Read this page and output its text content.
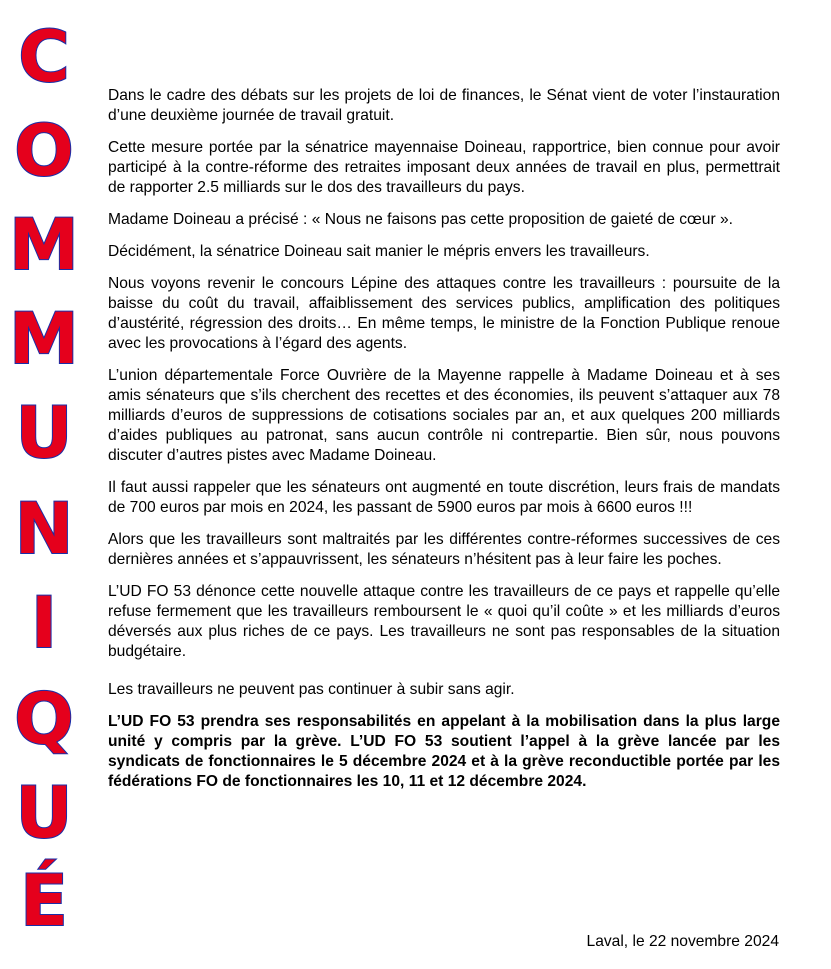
C
O
M
M
U
N
I
Q
U
É

Dans le cadre des débats sur les projets de loi de finances, le Sénat vient de voter l’instauration d’une deuxième journée de travail gratuit.

Cette mesure portée par la sénatrice mayennaise Doineau, rapportrice, bien connue pour avoir participé à la contre-réforme des retraites imposant deux années de travail en plus, permettrait de rapporter 2.5 milliards sur le dos des travailleurs du pays.

Madame Doineau a précisé : « Nous ne faisons pas cette proposition de gaieté de cœur ».

Décidément, la sénatrice Doineau sait manier le mépris envers les travailleurs.

Nous voyons revenir le concours Lépine des attaques contre les travailleurs : poursuite de la baisse du coût du travail, affaiblissement des services publics, amplification des politiques d’austérité, régression des droits… En même temps, le ministre de la Fonction Publique renoue avec les provocations à l’égard des agents.

L’union départementale Force Ouvrière de la Mayenne rappelle à Madame Doineau et à ses amis sénateurs que s’ils cherchent des recettes et des économies, ils peuvent s’attaquer aux 78 milliards d’euros de suppressions de cotisations sociales par an, et aux quelques 200 milliards d’aides publiques au patronat, sans aucun contrôle ni contrepartie. Bien sûr, nous pouvons discuter d’autres pistes avec Madame Doineau.

Il faut aussi rappeler que les sénateurs ont augmenté en toute discrétion, leurs frais de mandats de 700 euros par mois en 2024, les passant de 5900 euros par mois à 6600 euros !!!

Alors que les travailleurs sont maltraités par les différentes contre-réformes successives de ces dernières années et s’appauvrissent, les sénateurs n’hésitent pas à leur faire les poches.

L’UD FO 53 dénonce cette nouvelle attaque contre les travailleurs de ce pays et rappelle qu’elle refuse fermement que les travailleurs remboursent le « quoi qu’il coûte » et les milliards d’euros déversés aux plus riches de ce pays. Les travailleurs ne sont pas responsables de la situation budgétaire.

Les travailleurs ne peuvent pas continuer à subir sans agir.

L’UD FO 53 prendra ses responsabilités en appelant à la mobilisation dans la plus large unité y compris par la grève. L’UD FO 53 soutient l’appel à la grève lancée par les syndicats de fonctionnaires le 5 décembre 2024 et à la grève reconductible portée par les fédérations FO de fonctionnaires les 10, 11 et 12 décembre 2024.

Laval, le 22 novembre 2024
